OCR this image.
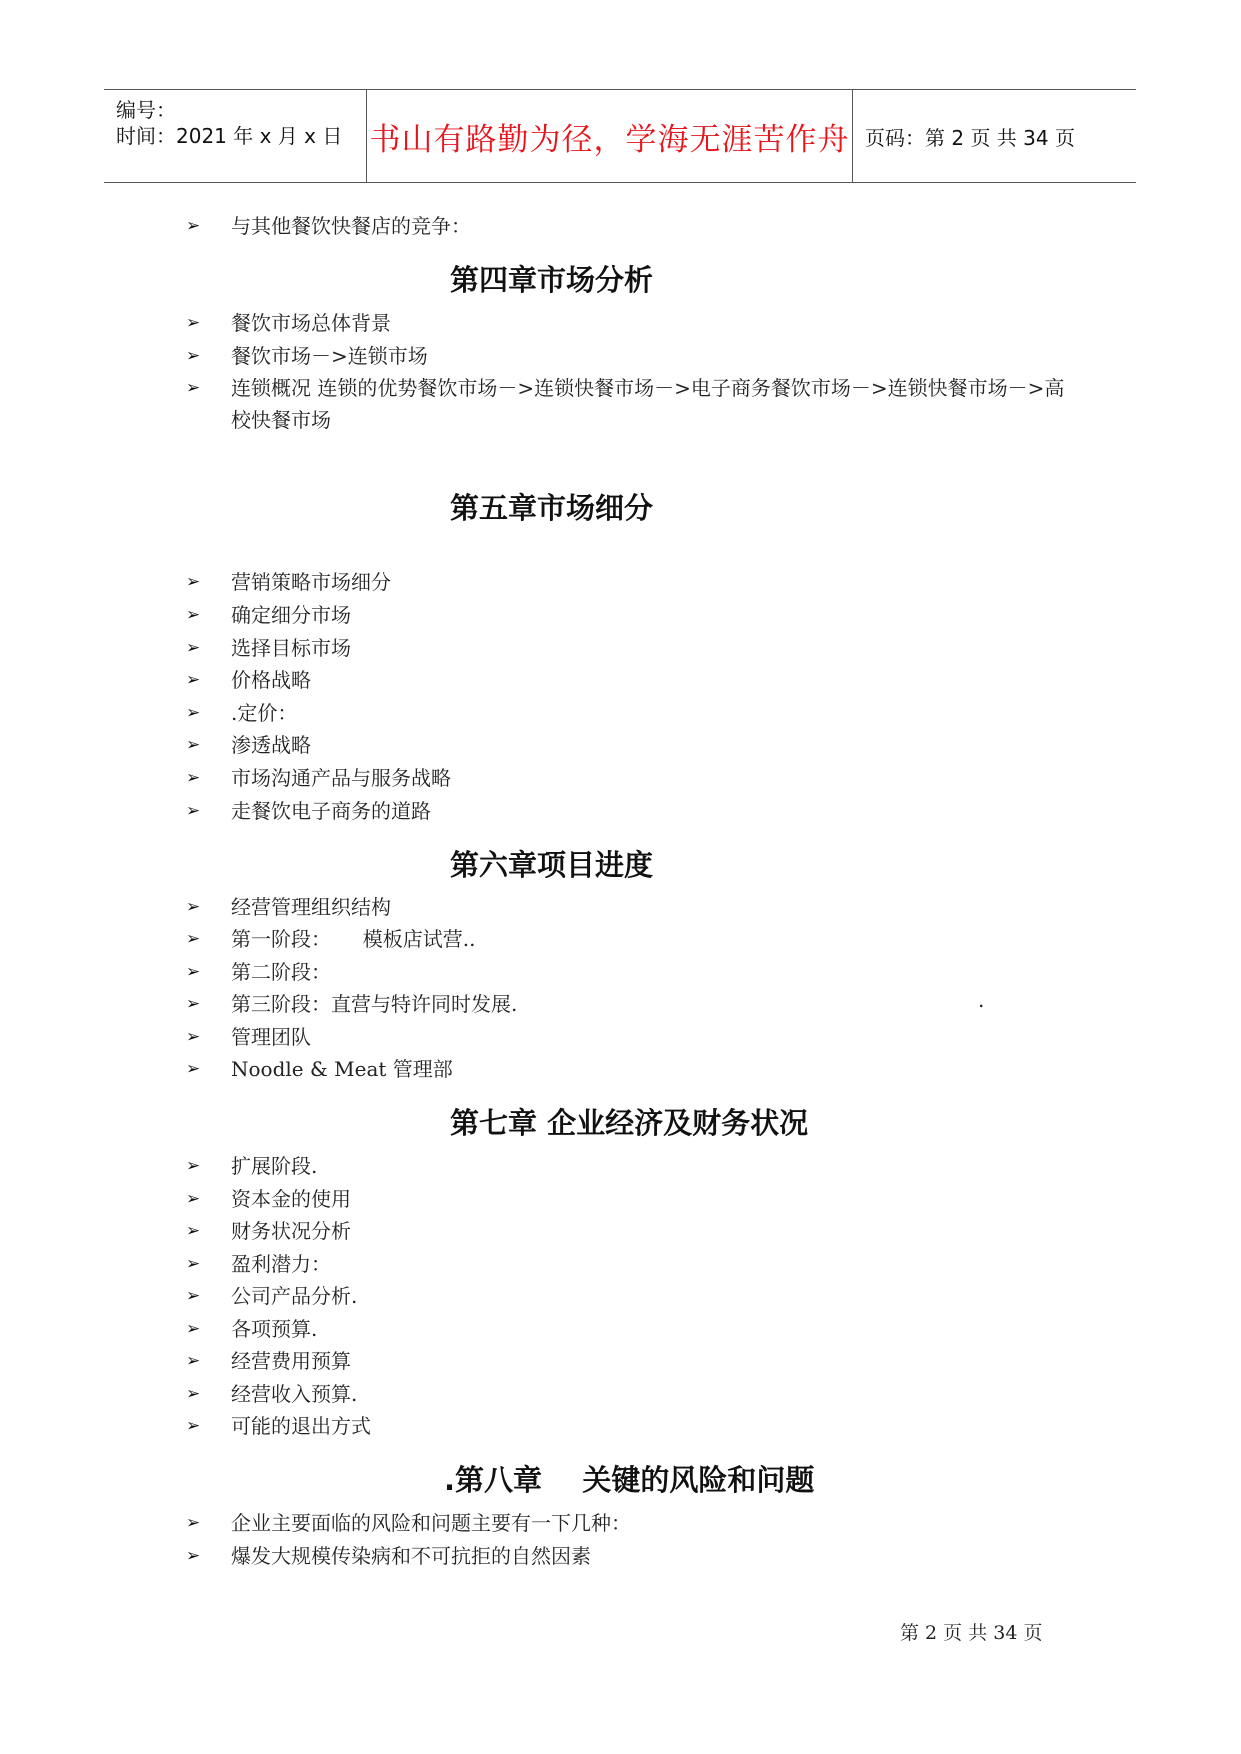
编号：
时间：2021 年 x 月 x 日 书山有路勤为径，学海无涯苦作舟 页码：第 2 页 共 34 页
➢	与其他餐饮快餐店的竞争：
第四章市场分析
➢	餐饮市场总体背景
➢	餐饮市场－>连锁市场
➢	连锁概况 连锁的优势餐饮市场－>连锁快餐市场－>电子商务餐饮市场－>连锁快餐市场－>高校快餐市场
第五章市场细分
➢	营销策略市场细分
➢	确定细分市场
➢	选择目标市场
➢	价格战略
➢	.定价：
➢	渗透战略
➢	市场沟通产品与服务战略
➢	走餐饮电子商务的道路
第六章项目进度
➢	经营管理组织结构
➢	第一阶段：     模板店试营..
➢	第二阶段：
➢	第三阶段：直营与特许同时发展.	.
➢	管理团队
➢	Noodle & Meat 管理部
第七章 企业经济及财务状况
➢	扩展阶段.
➢	资本金的使用
➢	财务状况分析
➢	盈利潜力：
➢	公司产品分析.
➢	各项预算.
➢	经营费用预算
➢	经营收入预算.
➢	可能的退出方式
.第八章    关键的风险和问题
➢	企业主要面临的风险和问题主要有一下几种：
➢	爆发大规模传染病和不可抗拒的自然因素
第 2 页 共 34 页
